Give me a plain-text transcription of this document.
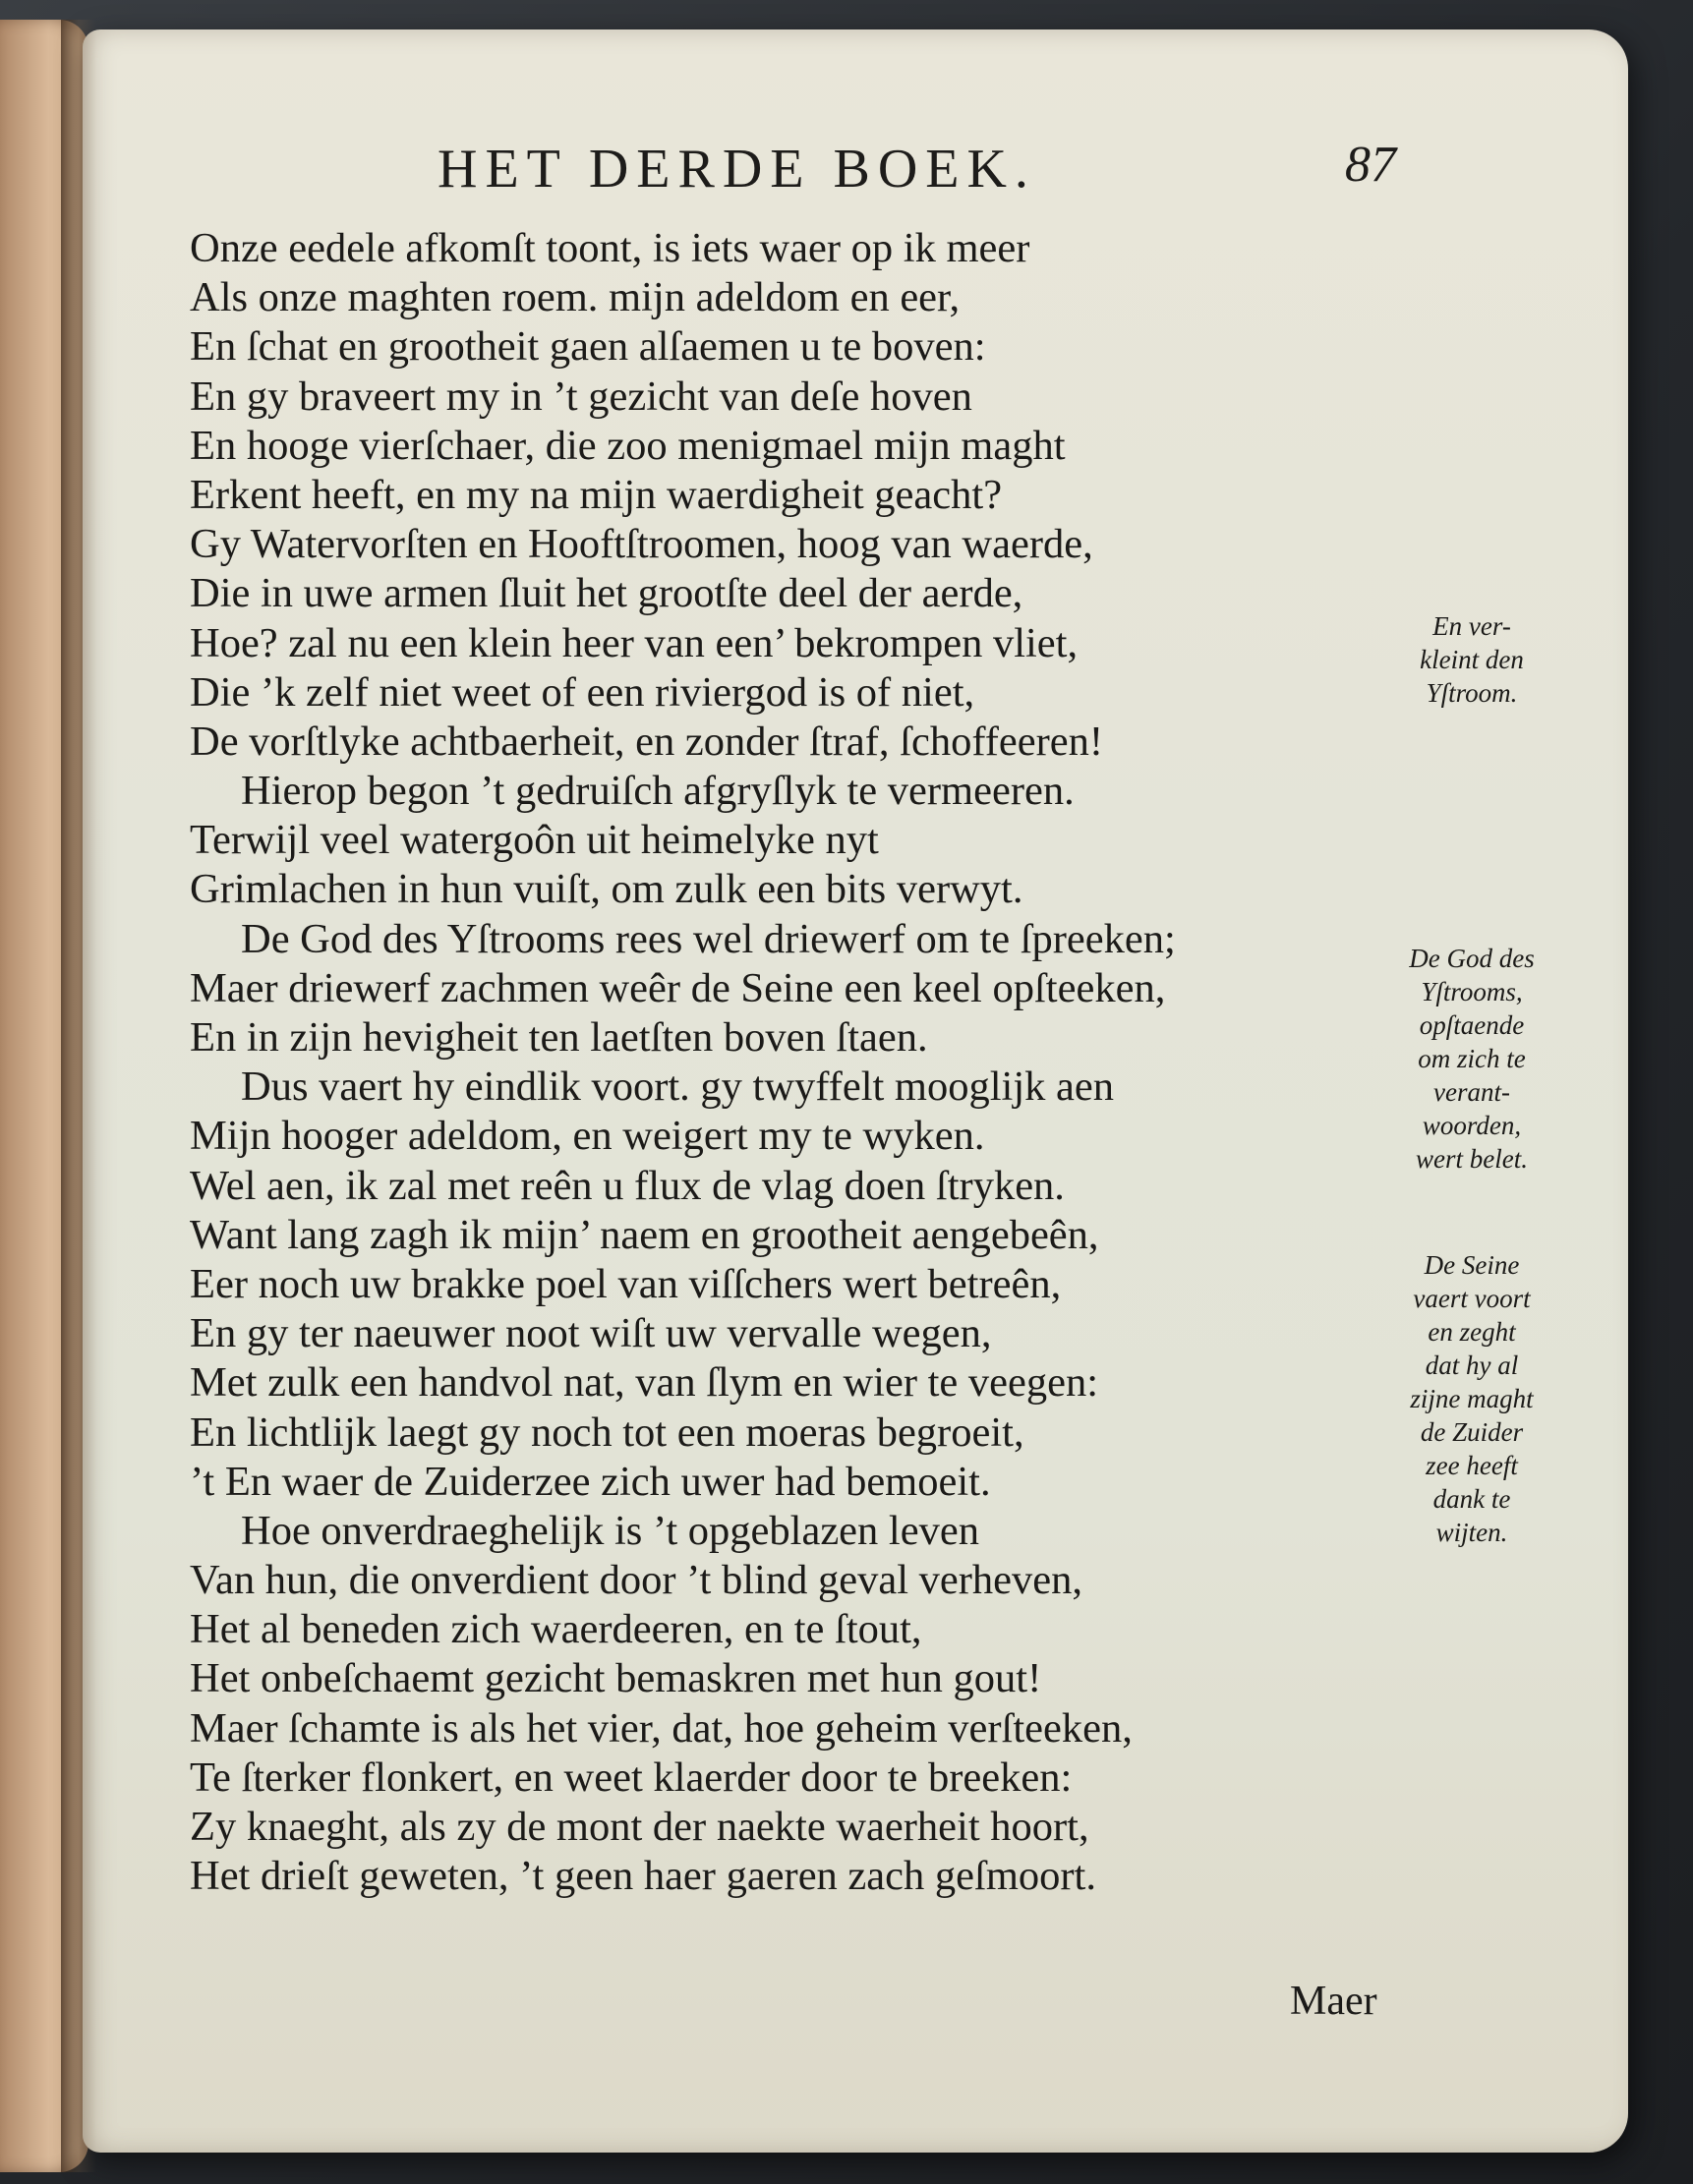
HET DERDE BOEK.	87
Onze eedele afkomſt toont, is iets waer op ik meer
Als onze maghten roem. mijn adeldom en eer,
En ſchat en grootheit gaen alſaemen u te boven:
En gy braveert my in ’t gezicht van deſe hoven
En hooge vierſchaer, die zoo menigmael mijn maght
Erkent heeft, en my na mijn waerdigheit geacht?
Gy Watervorſten en Hooftſtroomen, hoog van waerde,
Die in uwe armen ſluit het grootſte deel der aerde,
Hoe? zal nu een klein heer van een’ bekrompen vliet,
Die ’k zelf niet weet of een riviergod is of niet,
De vorſtlyke achtbaerheit, en zonder ſtraf, ſchoffeeren!
Hierop begon ’t gedruiſch afgryſlyk te vermeeren.
Terwijl veel watergoôn uit heimelyke nyt
Grimlachen in hun vuiſt, om zulk een bits verwyt.
De God des Yſtrooms rees wel driewerf om te ſpreeken;
Maer driewerf zachmen weêr de Seine een keel opſteeken,
En in zijn hevigheit ten laetſten boven ſtaen.
Dus vaert hy eindlik voort. gy twyffelt mooglijk aen
Mijn hooger adeldom, en weigert my te wyken.
Wel aen, ik zal met reên u flux de vlag doen ſtryken.
Want lang zagh ik mijn’ naem en grootheit aengebeên,
Eer noch uw brakke poel van viſſchers wert betreên,
En gy ter naeuwer noot wiſt uw vervalle wegen,
Met zulk een handvol nat, van ſlym en wier te veegen:
En lichtlijk laegt gy noch tot een moeras begroeit,
’t En waer de Zuiderzee zich uwer had bemoeit.
Hoe onverdraeghelijk is ’t opgeblazen leven
Van hun, die onverdient door ’t blind geval verheven,
Het al beneden zich waerdeeren, en te ſtout,
Het onbeſchaemt gezicht bemaskren met hun gout!
Maer ſchamte is als het vier, dat, hoe geheim verſteeken,
Te ſterker flonkert, en weet klaerder door te breeken:
Zy knaeght, als zy de mont der naekte waerheit hoort,
Het drieſt geweten, ’t geen haer gaeren zach geſmoort.
En ver-
kleint den
Yſtroom.
De God des
Yſtrooms,
opſtaende
om zich te
verant-
woorden,
wert belet.
De Seine
vaert voort
en zeght
dat hy al
zijne maght
de Zuider
zee heeft
dank te
wijten.
Maer
